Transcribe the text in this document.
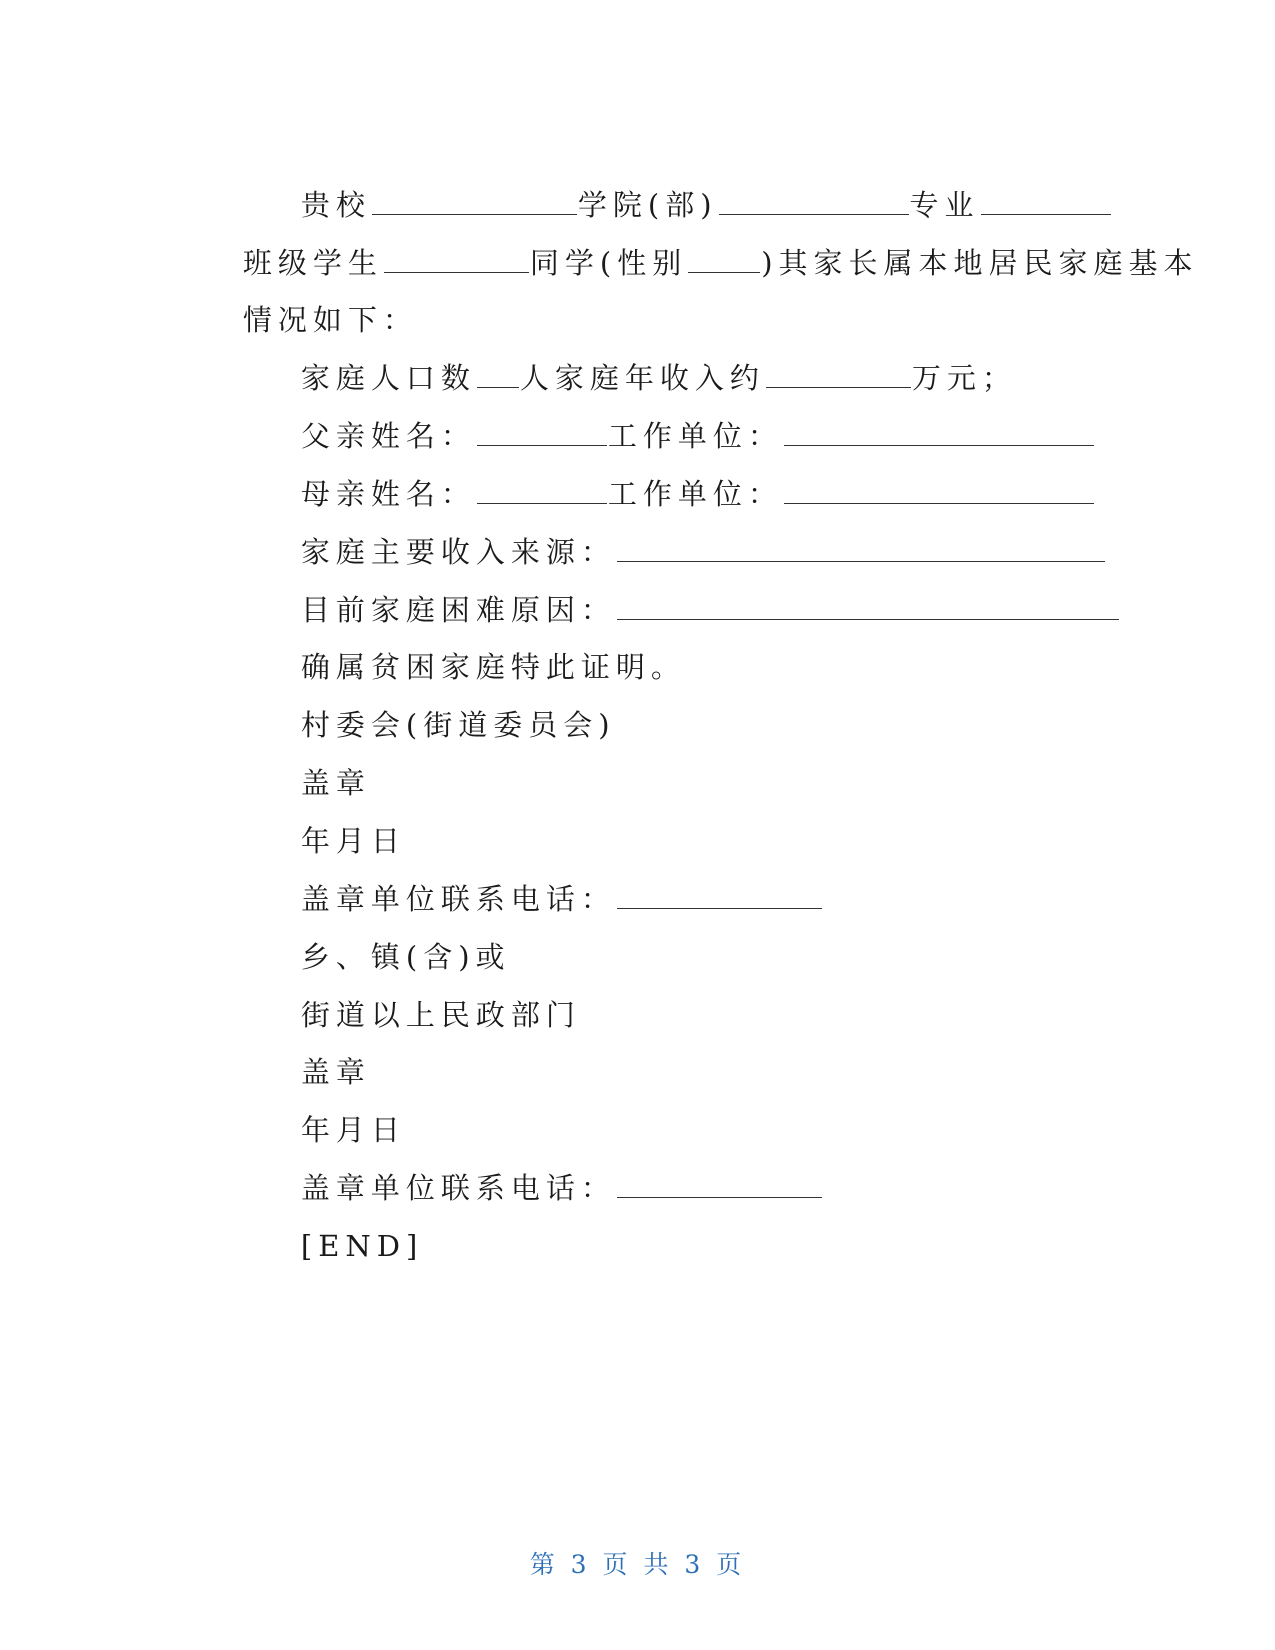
贵校	学院(部)	专业

班级学生	同学(性别	)其家长属本地居民家庭基本

情况如下：

家庭人口数 人家庭年收入约	万元；

父亲姓名：	工作单位：

母亲姓名：	工作单位：

家庭主要收入来源：

目前家庭困难原因：

确属贫困家庭特此证明。

村委会(街道委员会)

盖章

年月日

盖章单位联系电话：

乡、镇(含)或

街道以上民政部门

盖章

年月日

盖章单位联系电话：

[END]

第 3 页 共 3 页
